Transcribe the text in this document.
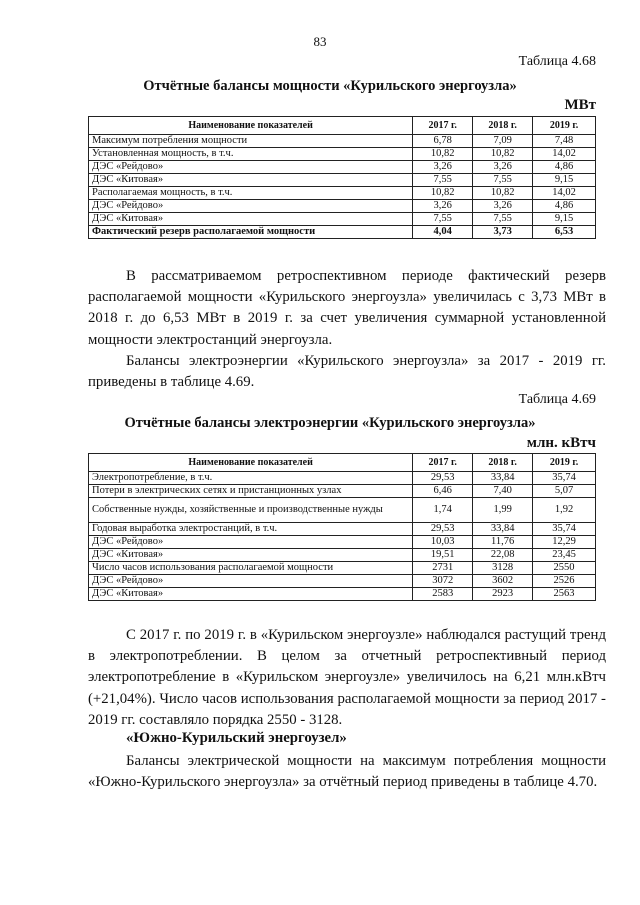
83
Таблица 4.68
Отчётные балансы мощности «Курильского энергоузла»
МВт
Наименование показателей	2017 г.	2018 г.	2019 г.
Максимум потребления мощности	6,78	7,09	7,48
Установленная мощность, в т.ч.	10,82	10,82	14,02
ДЭС «Рейдово»	3,26	3,26	4,86
ДЭС «Китовая»	7,55	7,55	9,15
Располагаемая мощность, в т.ч.	10,82	10,82	14,02
ДЭС «Рейдово»	3,26	3,26	4,86
ДЭС «Китовая»	7,55	7,55	9,15
Фактический резерв располагаемой мощности	4,04	3,73	6,53

В рассматриваемом ретроспективном периоде фактический резерв располагаемой мощности «Курильского энергоузла» увеличилась с 3,73 МВт в 2018 г. до 6,53 МВт в 2019 г. за счет увеличения суммарной установленной мощности электростанций энергоузла.

Балансы электроэнергии «Курильского энергоузла» за 2017 - 2019 гг. приведены в таблице 4.69.

Таблица 4.69
Отчётные балансы электроэнергии «Курильского энергоузла»
млн. кВтч
Наименование показателей	2017 г.	2018 г.	2019 г.
Электропотребление, в т.ч.	29,53	33,84	35,74
Потери в электрических сетях и пристанционных узлах	6,46	7,40	5,07
Собственные нужды, хозяйственные и производственные нужды	1,74	1,99	1,92
Годовая выработка электростанций, в т.ч.	29,53	33,84	35,74
ДЭС «Рейдово»	10,03	11,76	12,29
ДЭС «Китовая»	19,51	22,08	23,45
Число часов использования располагаемой мощности	2731	3128	2550
ДЭС «Рейдово»	3072	3602	2526
ДЭС «Китовая»	2583	2923	2563

С 2017 г. по 2019 г. в «Курильском энергоузле» наблюдался растущий тренд в электропотреблении. В целом за отчетный ретроспективный период электропотребление в «Курильском энергоузле» увеличилось на 6,21 млн.кВтч (+21,04%). Число часов использования располагаемой мощности за период 2017 - 2019 гг. составляло порядка 2550 - 3128.

«Южно-Курильский энергоузел»

Балансы электрической мощности на максимум потребления мощности «Южно-Курильского энергоузла» за отчётный период приведены в таблице 4.70.
